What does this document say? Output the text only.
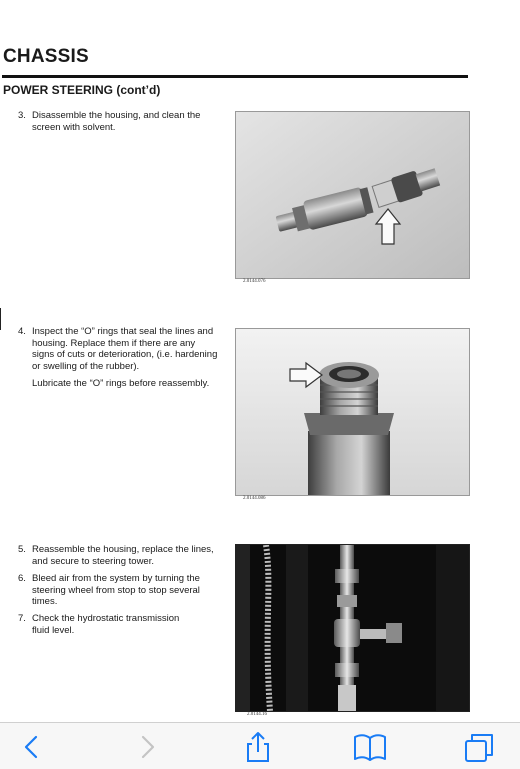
CHASSIS
POWER STEERING (cont’d)
3. Disassemble the housing, and clean the screen with solvent.
2.0144.076
4. Inspect the “O” rings that seal the lines and housing. Replace them if there are any signs of cuts or deterioration, (i.e. hardening or swelling of the rubber).
Lubricate the “O” rings before reassembly.
2.0144.086
5. Reassemble the housing, replace the lines, and secure to steering tower.
6. Bleed air from the system by turning the steering wheel from stop to stop several times.
7. Check the hydrostatic transmission fluid level.
2.0144.16
